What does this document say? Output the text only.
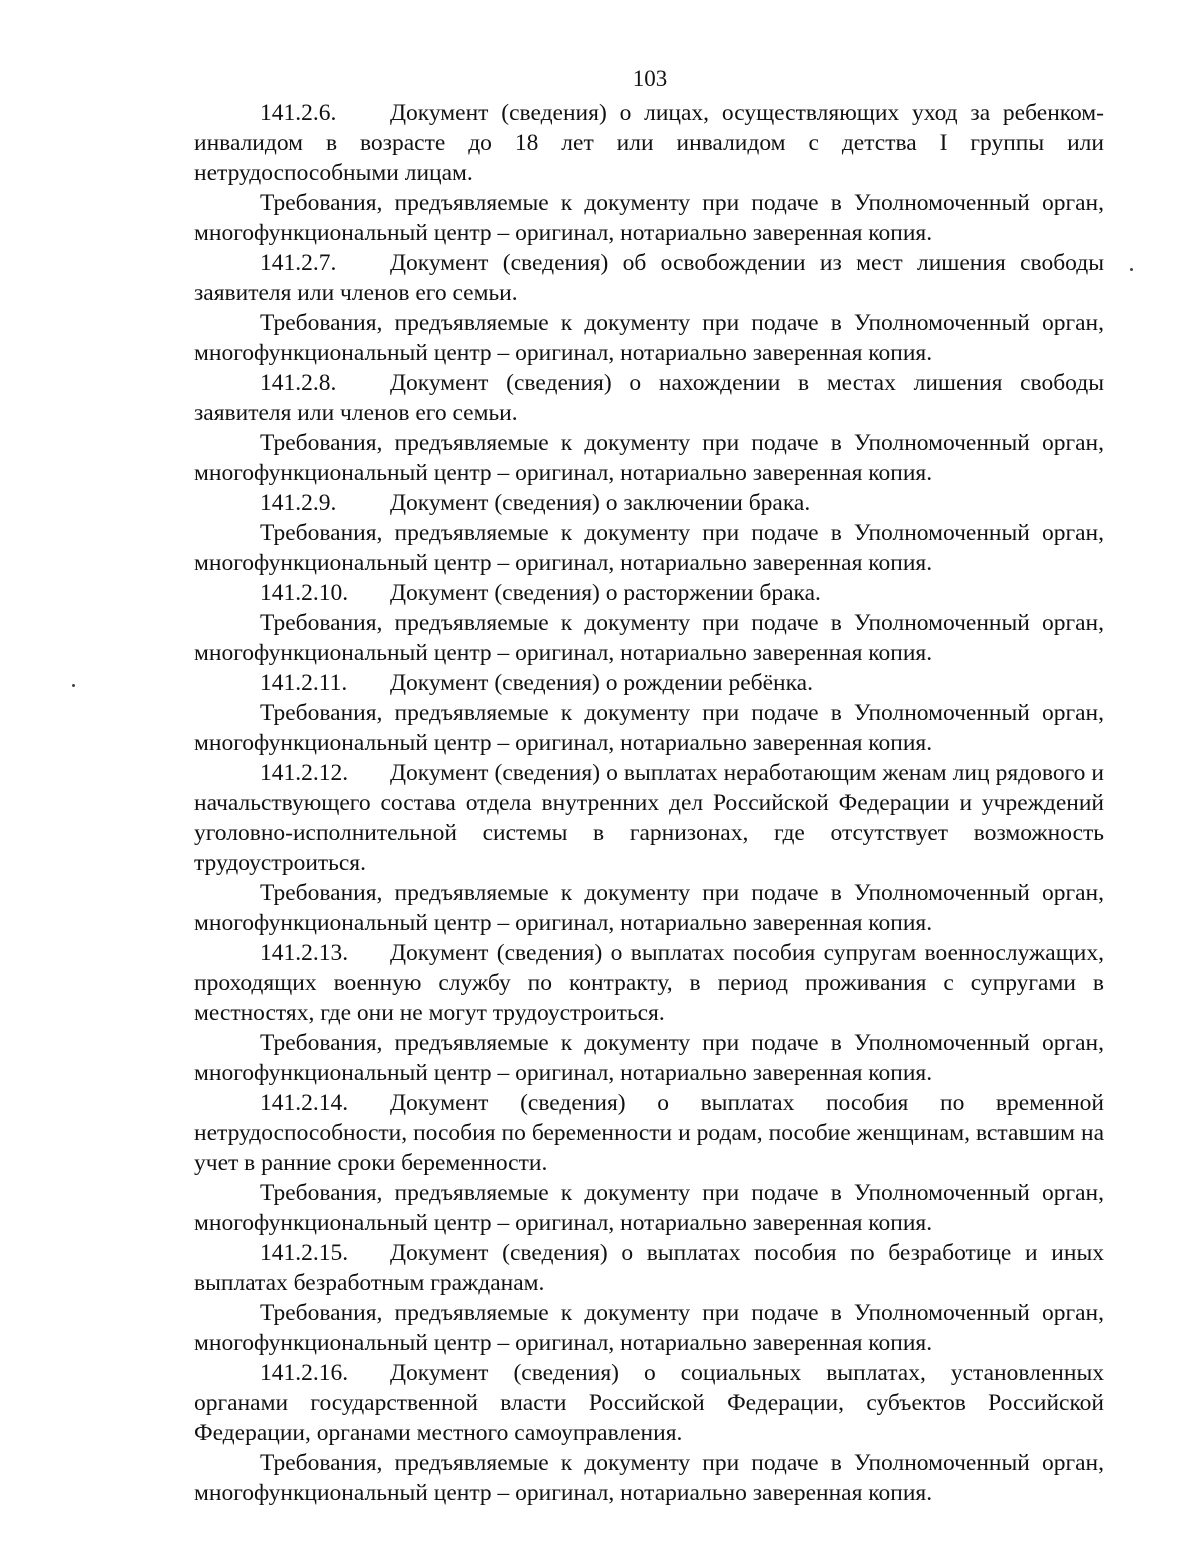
103

141.2.6. Документ (сведения) о лицах, осуществляющих уход за ребенком-инвалидом в возрасте до 18 лет или инвалидом с детства I группы или нетрудоспособными лицам.

Требования, предъявляемые к документу при подаче в Уполномоченный орган, многофункциональный центр – оригинал, нотариально заверенная копия.

141.2.7. Документ (сведения) об освобождении из мест лишения свободы заявителя или членов его семьи.

Требования, предъявляемые к документу при подаче в Уполномоченный орган, многофункциональный центр – оригинал, нотариально заверенная копия.

141.2.8. Документ (сведения) о нахождении в местах лишения свободы заявителя или членов его семьи.

Требования, предъявляемые к документу при подаче в Уполномоченный орган, многофункциональный центр – оригинал, нотариально заверенная копия.

141.2.9. Документ (сведения) о заключении брака.

Требования, предъявляемые к документу при подаче в Уполномоченный орган, многофункциональный центр – оригинал, нотариально заверенная копия.

141.2.10. Документ (сведения) о расторжении брака.

Требования, предъявляемые к документу при подаче в Уполномоченный орган, многофункциональный центр – оригинал, нотариально заверенная копия.

141.2.11. Документ (сведения) о рождении ребёнка.

Требования, предъявляемые к документу при подаче в Уполномоченный орган, многофункциональный центр – оригинал, нотариально заверенная копия.

141.2.12. Документ (сведения) о выплатах неработающим женам лиц рядового и начальствующего состава отдела внутренних дел Российской Федерации и учреждений уголовно-исполнительной системы в гарнизонах, где отсутствует возможность трудоустроиться.

Требования, предъявляемые к документу при подаче в Уполномоченный орган, многофункциональный центр – оригинал, нотариально заверенная копия.

141.2.13. Документ (сведения) о выплатах пособия супругам военнослужащих, проходящих военную службу по контракту, в период проживания с супругами в местностях, где они не могут трудоустроиться.

Требования, предъявляемые к документу при подаче в Уполномоченный орган, многофункциональный центр – оригинал, нотариально заверенная копия.

141.2.14. Документ (сведения) о выплатах пособия по временной нетрудоспособности, пособия по беременности и родам, пособие женщинам, вставшим на учет в ранние сроки беременности.

Требования, предъявляемые к документу при подаче в Уполномоченный орган, многофункциональный центр – оригинал, нотариально заверенная копия.

141.2.15. Документ (сведения) о выплатах пособия по безработице и иных выплатах безработным гражданам.

Требования, предъявляемые к документу при подаче в Уполномоченный орган, многофункциональный центр – оригинал, нотариально заверенная копия.

141.2.16. Документ (сведения) о социальных выплатах, установленных органами государственной власти Российской Федерации, субъектов Российской Федерации, органами местного самоуправления.

Требования, предъявляемые к документу при подаче в Уполномоченный орган, многофункциональный центр – оригинал, нотариально заверенная копия.
